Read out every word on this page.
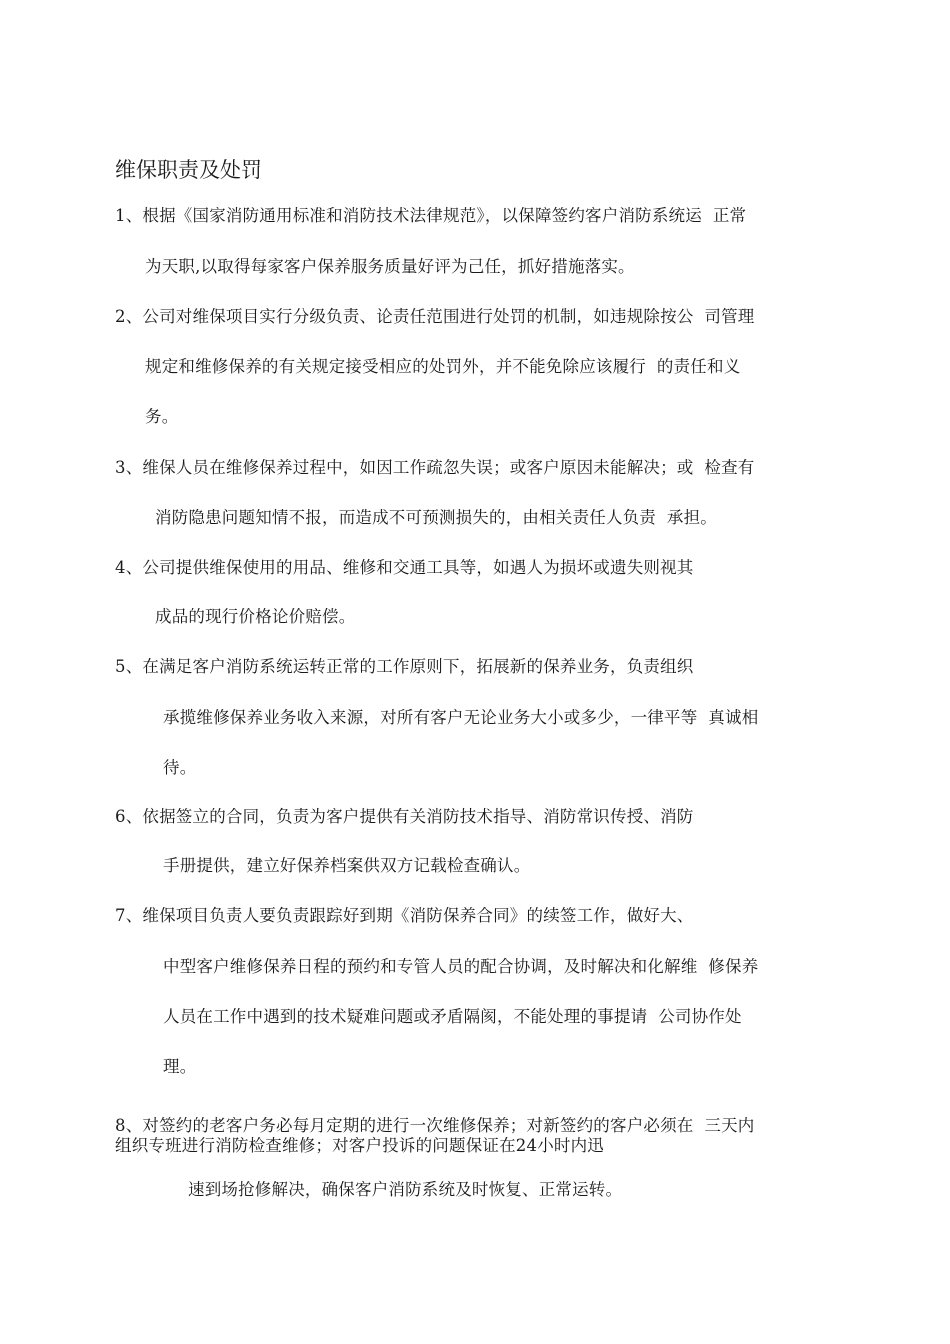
维保职责及处罚
1、根据《国家消防通用标准和消防技术法律规范》，以保障签约客户消防系统运  正常
为天职,以取得每家客户保养服务质量好评为己任，抓好措施落实。
2、公司对维保项目实行分级负责、论责任范围进行处罚的机制，如违规除按公  司管理
规定和维修保养的有关规定接受相应的处罚外，并不能免除应该履行  的责任和义
务。
3、维保人员在维修保养过程中，如因工作疏忽失误；或客户原因未能解决；或  检查有
消防隐患问题知情不报，而造成不可预测损失的，由相关责任人负责  承担。
4、公司提供维保使用的用品、维修和交通工具等，如遇人为损坏或遗失则视其
成品的现行价格论价赔偿。
5、在满足客户消防系统运转正常的工作原则下，拓展新的保养业务，负责组织
承揽维修保养业务收入来源，对所有客户无论业务大小或多少，一律平等  真诚相
待。
6、依据签立的合同，负责为客户提供有关消防技术指导、消防常识传授、消防
手册提供，建立好保养档案供双方记载检查确认。
7、维保项目负责人要负责跟踪好到期《消防保养合同》的续签工作，做好大、
中型客户维修保养日程的预约和专管人员的配合协调，及时解决和化解维  修保养
人员在工作中遇到的技术疑难问题或矛盾隔阂，不能处理的事提请  公司协作处
理。
8、对签约的老客户务必每月定期的进行一次维修保养；对新签约的客户必须在  三天内
组织专班进行消防检查维修；对客户投诉的问题保证在24小时内迅
速到场抢修解决，确保客户消防系统及时恢复、正常运转。
